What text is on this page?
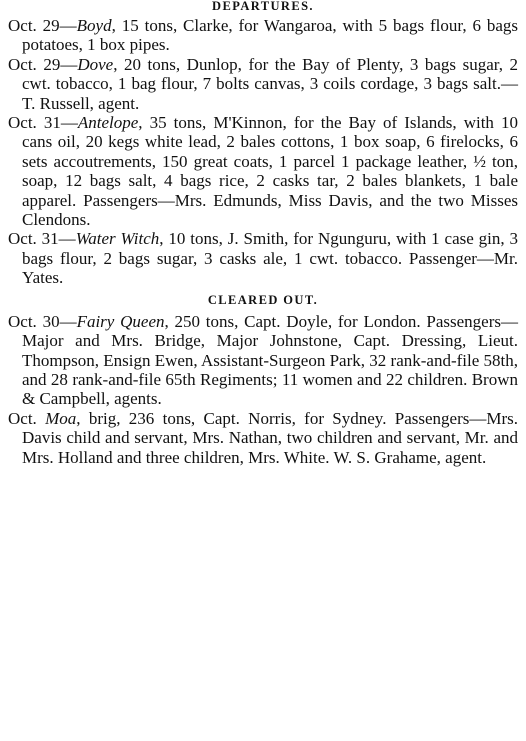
DEPARTURES.

Oct. 29—Boyd, 15 tons, Clarke, for Wangaroa, with 5 bags flour, 6 bags potatoes, 1 box pipes.

Oct. 29—Dove, 20 tons, Dunlop, for the Bay of Plenty, 3 bags sugar, 2 cwt. tobacco, 1 bag flour, 7 bolts canvas, 3 coils cordage, 3 bags salt.—T. Russell, agent.

Oct. 31—Antelope, 35 tons, M'Kinnon, for the Bay of Islands, with 10 cans oil, 20 kegs white lead, 2 bales cottons, 1 box soap, 6 firelocks, 6 sets accoutrements, 150 great coats, 1 parcel 1 package leather, ½ ton, soap, 12 bags salt, 4 bags rice, 2 casks tar, 2 bales blankets, 1 bale apparel. Passengers—Mrs. Edmunds, Miss Davis, and the two Misses Clendons.

Oct. 31—Water Witch, 10 tons, J. Smith, for Ngunguru, with 1 case gin, 3 bags flour, 2 bags sugar, 3 casks ale, 1 cwt. tobacco. Passenger—Mr. Yates.

CLEARED OUT.

Oct. 30—Fairy Queen, 250 tons, Capt. Doyle, for London. Passengers—Major and Mrs. Bridge, Major Johnstone, Capt. Dressing, Lieut. Thompson, Ensign Ewen, Assistant-Surgeon Park, 32 rank-and-file 58th, and 28 rank-and-file 65th Regiments; 11 women and 22 children. Brown & Campbell, agents.

Oct. Moa, brig, 236 tons, Capt. Norris, for Sydney. Passengers—Mrs. Davis child and servant, Mrs. Nathan, two children and servant, Mr. and Mrs. Holland and three children, Mrs. White. W. S. Grahame, agent.
